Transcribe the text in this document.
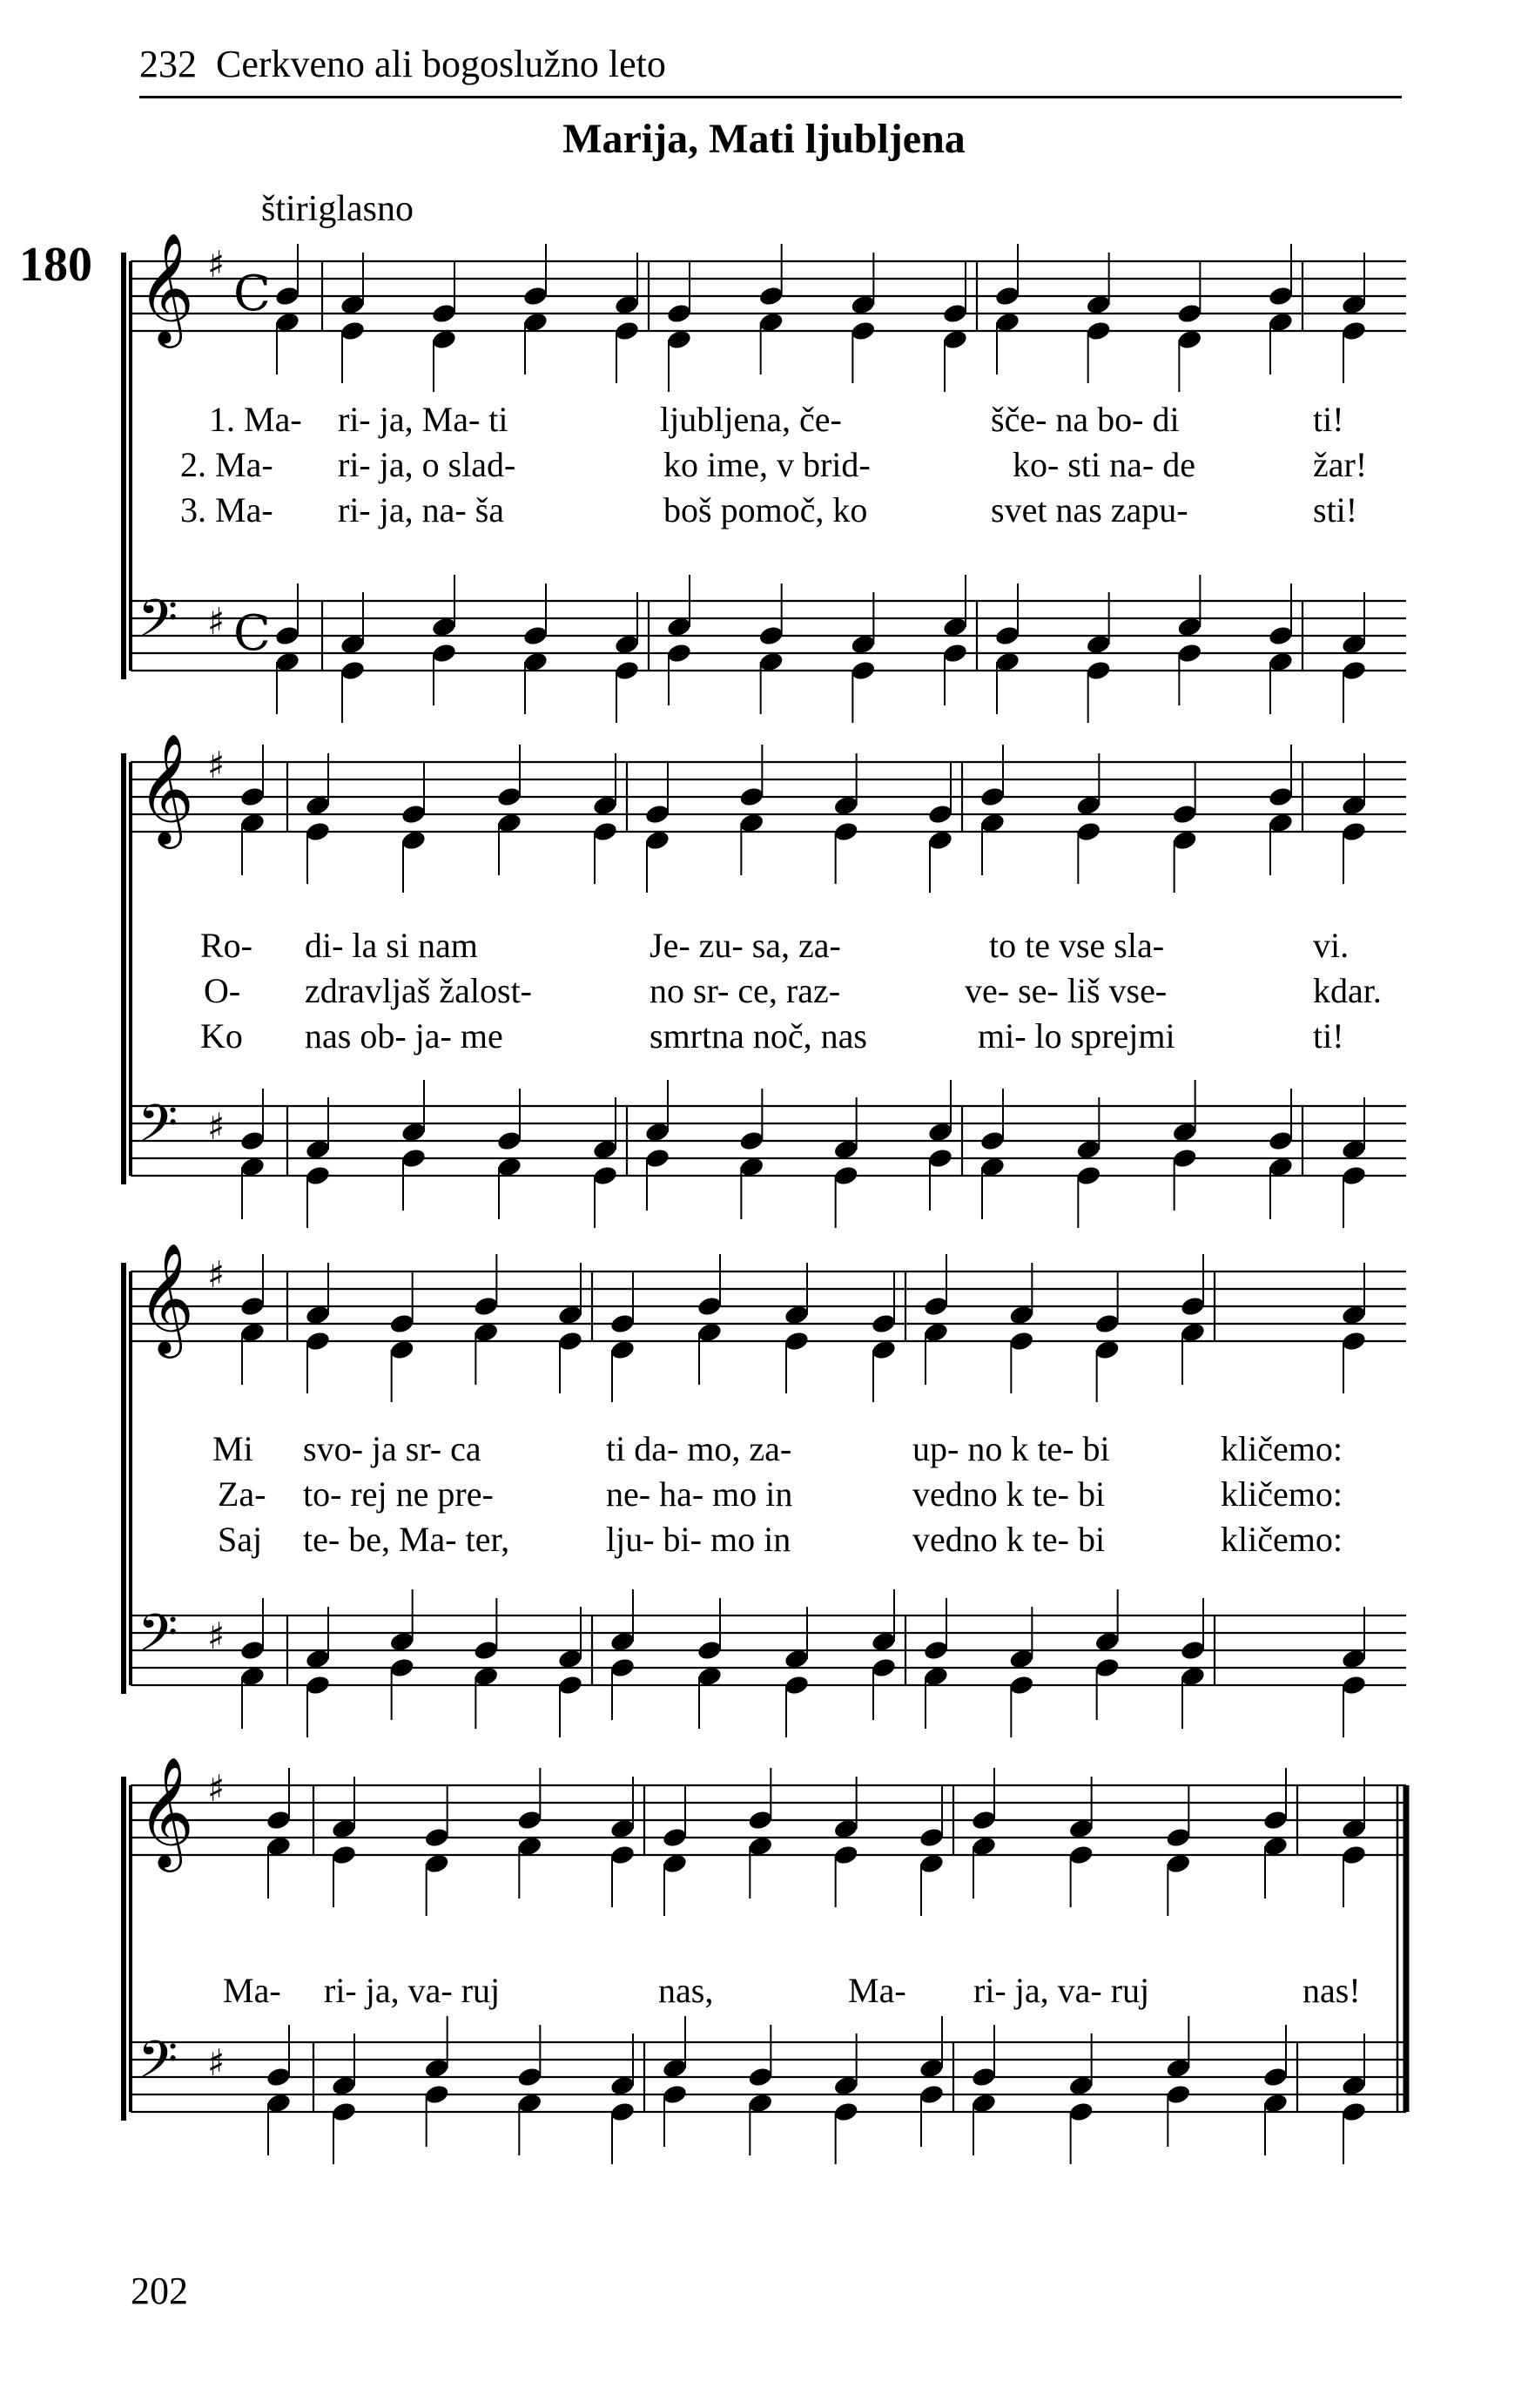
232 Cerkveno ali bogoslužno leto
Marija, Mati ljubljena
štiriglasno
180 𝄞 ♯
𝄢 ♯
𝄞 ♯
𝄢 ♯
𝄞 ♯
𝄢 ♯
𝄞 ♯
𝄢 ♯
C
C
1. Ma- ri- ja, Ma- ti	ljubljena, če-	šče- na bo- di	ti!
2. Ma- ri- ja, o slad-	ko ime, v brid-	ko- sti na- de	žar!
3. Ma- ri- ja, na- ša	boš pomoč, ko	svet nas zapu-	sti!
Ro- di- la si nam	Je- zu- sa, za-	to te vse sla-	vi.
O- zdravljaš žalost-	no sr- ce, raz-	ve- se- liš vse-	kdar.
Ko nas ob- ja- me	smrtna noč, nas	mi- lo sprejmi	ti!
Mi svo- ja sr- ca	ti da- mo, za-	up- no k te- bi	kličemo:
Za- to- rej ne pre-	ne- ha- mo in	vedno k te- bi	kličemo:
Saj te- be, Ma- ter,	lju- bi- mo in	vedno k te- bi	kličemo:
Ma- ri- ja, va- ruj	nas,	Ma- ri- ja, va- ruj	nas!
202
